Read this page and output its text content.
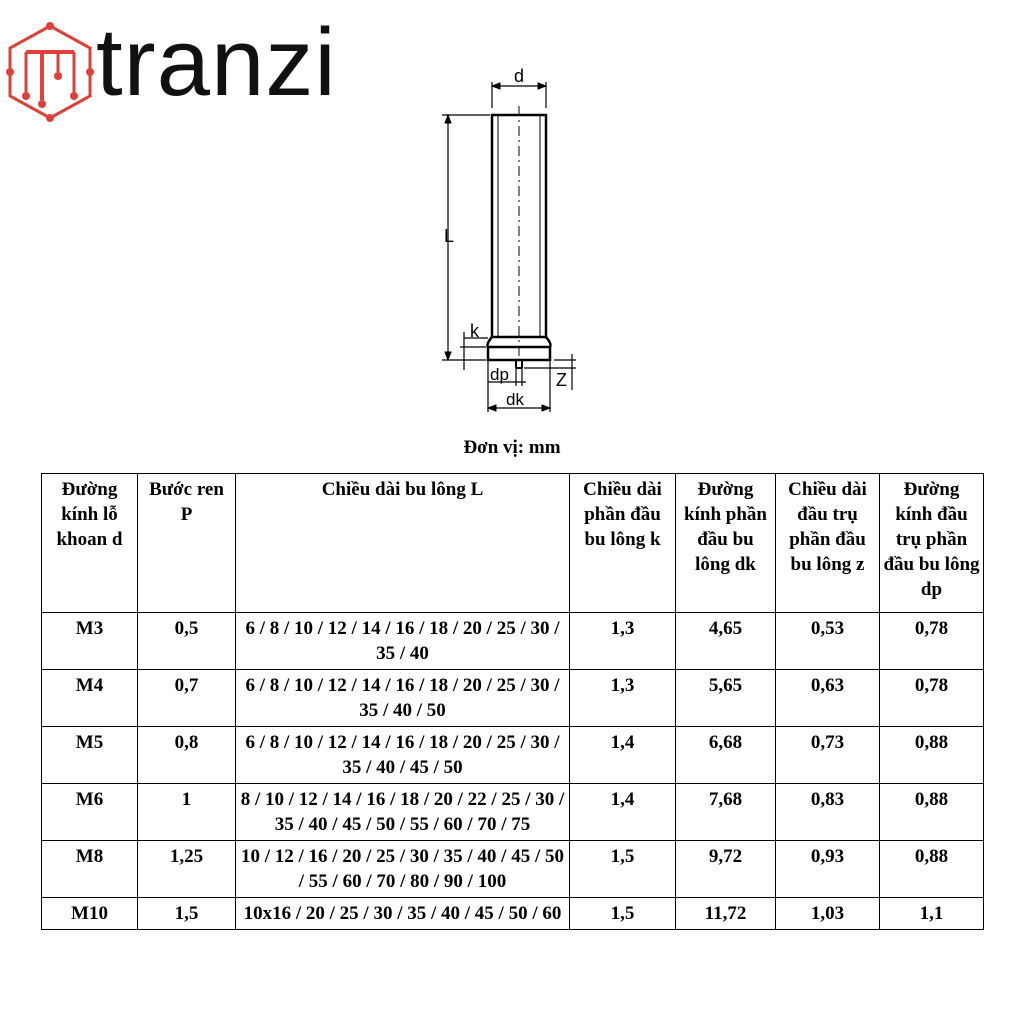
tranzi	d
L
k
Z
dp
dk
Đơn vị: mm
Đường kính lỗ khoan d	Bước ren P	Chiều dài bu lông L	Chiều dài phần đầu bu lông k	Đường kính phần đầu bu lông dk	Chiều dài đầu trụ phần đầu bu lông z	Đường kính đầu trụ phần đầu bu lông dp
M3	0,5	6 / 8 / 10 / 12 / 14 / 16 / 18 / 20 / 25 / 30 / 35 / 40	1,3	4,65	0,53	0,78
M4	0,7	6 / 8 / 10 / 12 / 14 / 16 / 18 / 20 / 25 / 30 / 35 / 40 / 50	1,3	5,65	0,63	0,78
M5	0,8	6 / 8 / 10 / 12 / 14 / 16 / 18 / 20 / 25 / 30 / 35 / 40 / 45 / 50	1,4	6,68	0,73	0,88
M6	1	8 / 10 / 12 / 14 / 16 / 18 / 20 / 22 / 25 / 30 / 35 / 40 / 45 / 50 / 55 / 60 / 70 / 75	1,4	7,68	0,83	0,88
M8	1,25	10 / 12 / 16 / 20 / 25 / 30 / 35 / 40 / 45 / 50 / 55 / 60 / 70 / 80 / 90 / 100	1,5	9,72	0,93	0,88
M10	1,5	10x16 / 20 / 25 / 30 / 35 / 40 / 45 / 50 / 60	1,5	11,72	1,03	1,1
